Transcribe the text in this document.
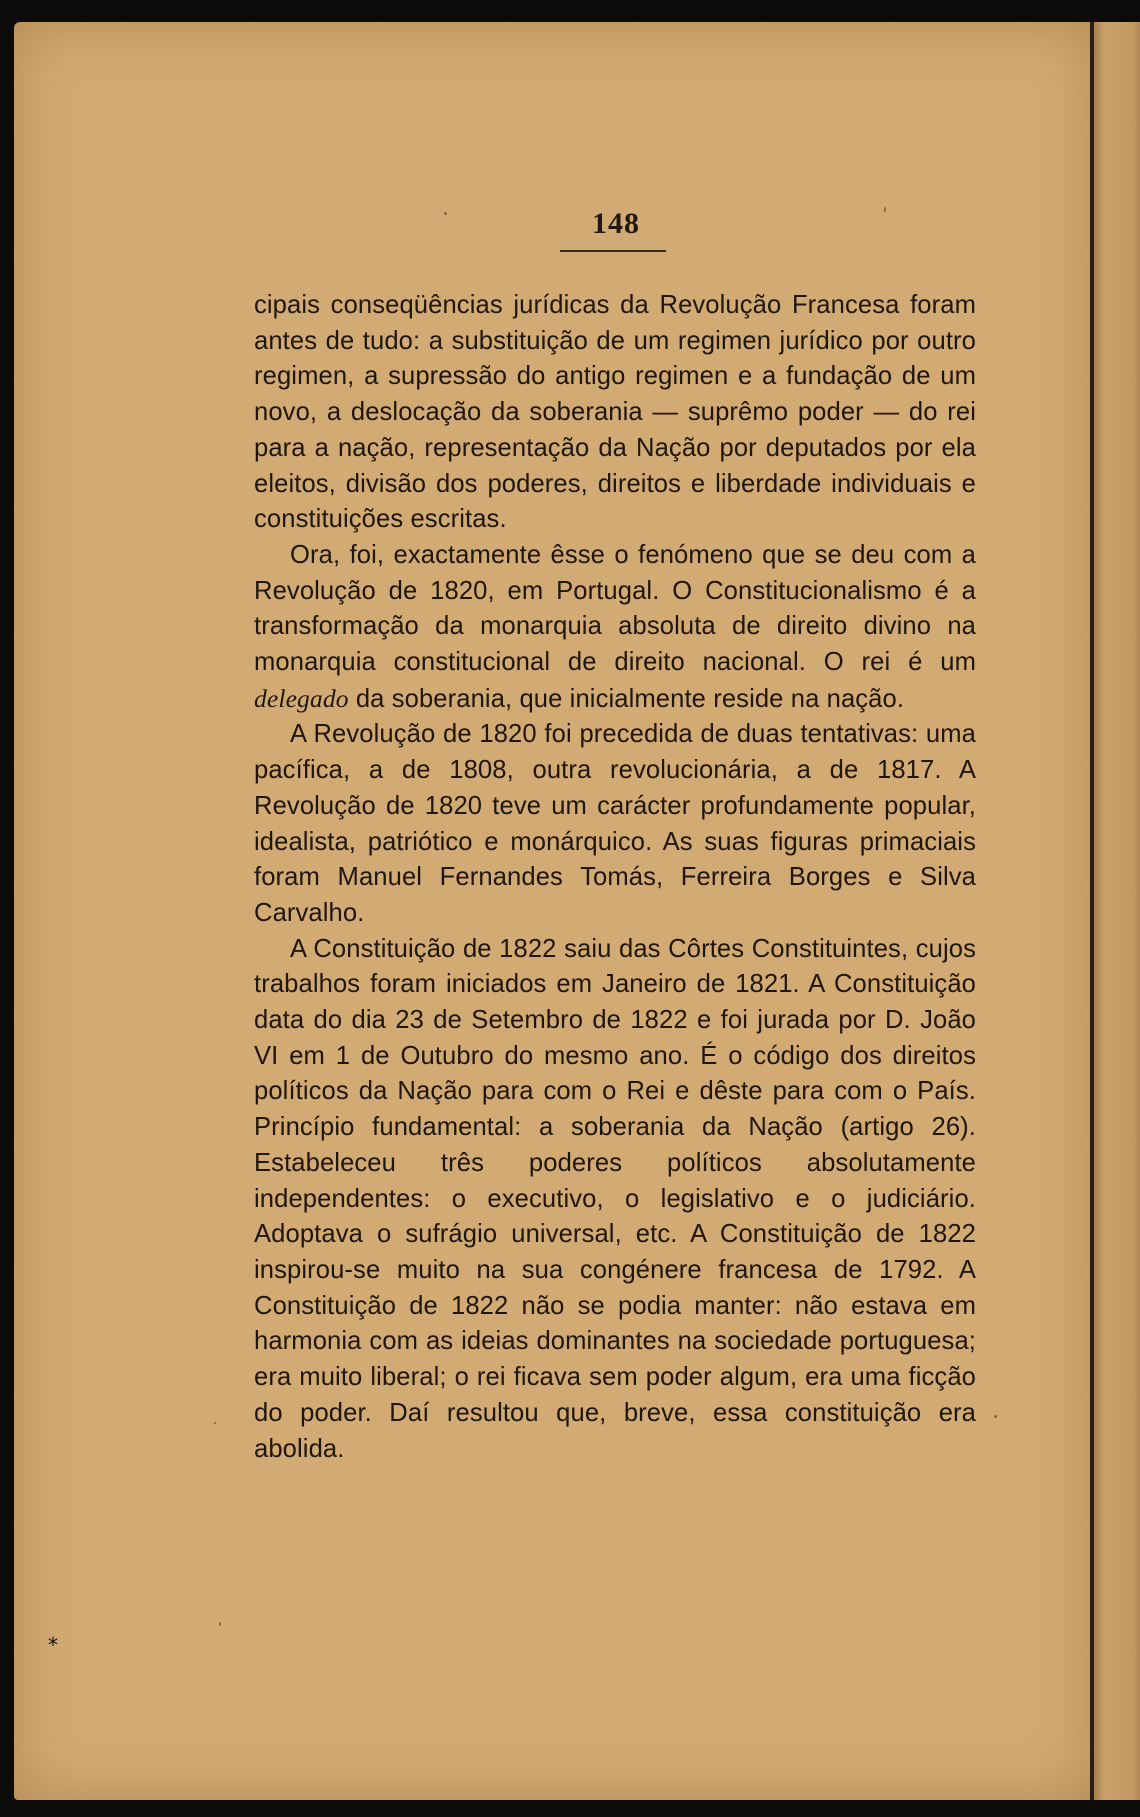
148

cipais conseqüências jurídicas da Revolução Francesa foram antes de tudo: a substituição de um regimen jurídico por outro regimen, a supressão do antigo regimen e a fundação de um novo, a deslocação da soberania — suprêmo poder — do rei para a nação, representação da Nação por deputados por ela eleitos, divisão dos poderes, direitos e liberdade individuais e constituições escritas.

Ora, foi, exactamente êsse o fenómeno que se deu com a Revolução de 1820, em Portugal. O Constitucionalismo é a transformação da monarquia absoluta de direito divino na monarquia constitucional de direito nacional. O rei é um delegado da soberania, que inicialmente reside na nação.

A Revolução de 1820 foi precedida de duas tentativas: uma pacífica, a de 1808, outra revolucionária, a de 1817. A Revolução de 1820 teve um carácter profundamente popular, idealista, patriótico e monárquico. As suas figuras primaciais foram Manuel Fernandes Tomás, Ferreira Borges e Silva Carvalho.

A Constituição de 1822 saiu das Côrtes Constituintes, cujos trabalhos foram iniciados em Janeiro de 1821. A Constituição data do dia 23 de Setembro de 1822 e foi jurada por D. João VI em 1 de Outubro do mesmo ano. É o código dos direitos políticos da Nação para com o Rei e dêste para com o País. Princípio fundamental: a soberania da Nação (artigo 26). Estabeleceu três poderes políticos absolutamente independentes: o executivo, o legislativo e o judiciário. Adoptava o sufrágio universal, etc. A Constituição de 1822 inspirou-se muito na sua congénere francesa de 1792. A Constituição de 1822 não se podia manter: não estava em harmonia com as ideias dominantes na sociedade portuguesa; era muito liberal; o rei ficava sem poder algum, era uma ficção do poder. Daí resultou que, breve, essa constituição era abolida.

*
